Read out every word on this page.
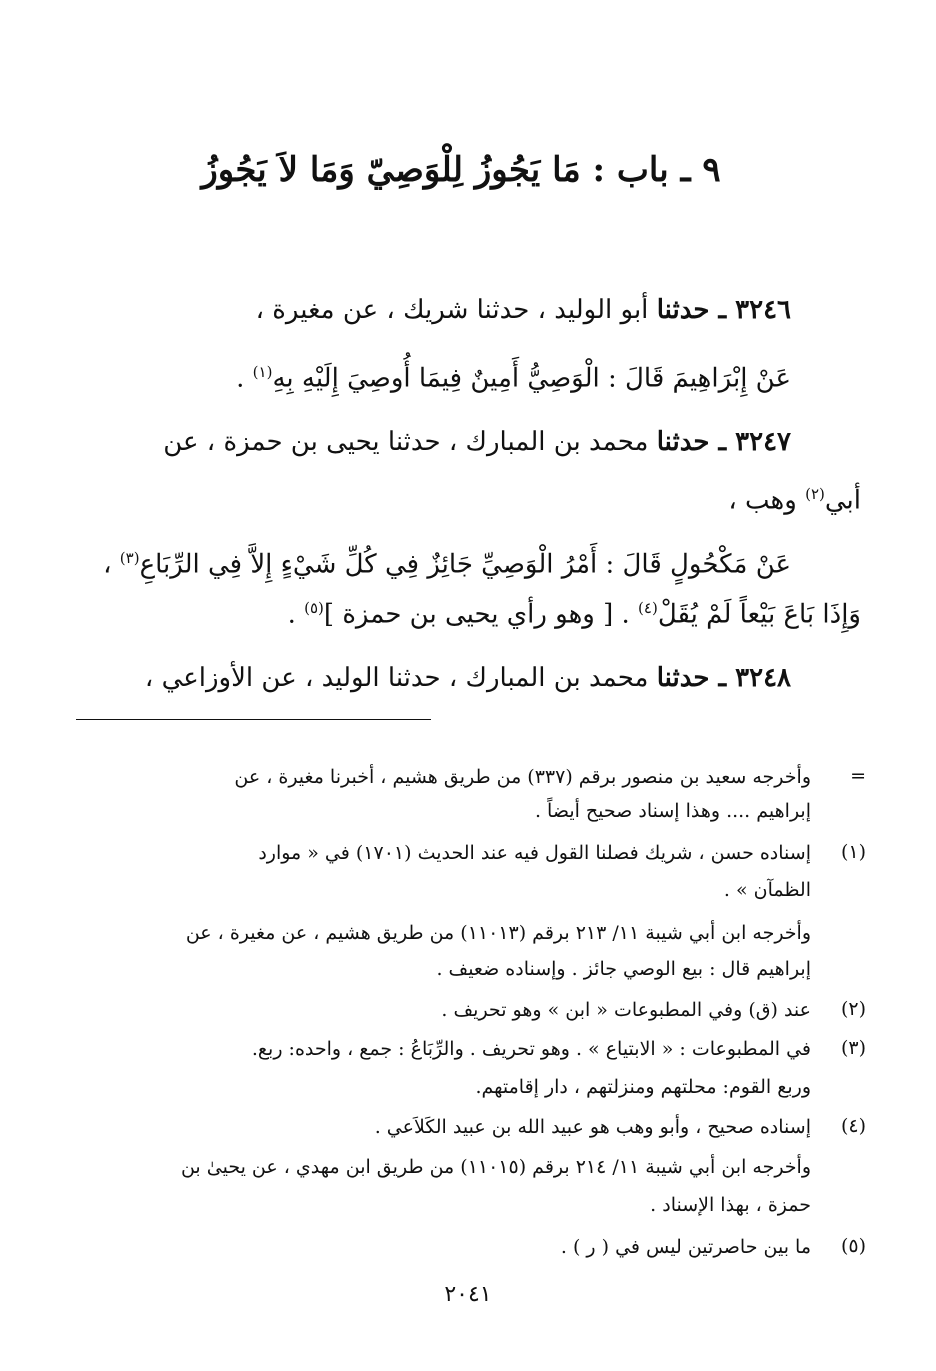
٩ ـ باب : مَا يَجُوزُ لِلْوَصِيّ وَمَا لاَ يَجُوزُ
٣٢٤٦ ـ حدثنا أبو الوليد ، حدثنا شريك ، عن مغيرة ،
عَنْ إِبْرَاهِيمَ قَالَ : الْوَصِيُّ أَمِينٌ فِيمَا أُوصِيَ إِلَيْهِ بِهِ$^{(١)}$ .
٣٢٤٧ ـ حدثنا محمد بن المبارك ، حدثنا يحيى بن حمزة ، عن
أبي$^{(٢)}$ وهب ،
عَنْ مَكْحُولٍ قَالَ : أَمْرُ الْوَصِيِّ جَائِزٌ فِي كُلِّ شَيْءٍ إِلاَّ فِي الرِّبَاعِ$^{(٣)}$ ،
وَإِذَا بَاعَ بَيْعاً لَمْ يُقَلْ$^{(٤)}$ . [ وهو رأي يحيى بن حمزة ]$^{(٥)}$ .
٣٢٤٨ ـ حدثنا محمد بن المبارك ، حدثنا الوليد ، عن الأوزاعي ،
=
وأخرجه سعيد بن منصور برقم (٣٣٧) من طريق هشيم ، أخبرنا مغيرة ، عن
إبراهيم .... وهذا إسناد صحيح أيضاً .
(١)
إسناده حسن ، شريك فصلنا القول فيه عند الحديث (١٧٠١) في « موارد
الظمآن » .
وأخرجه ابن أبي شيبة ١١/ ٢١٣ برقم (١١٠١٣) من طريق هشيم ، عن مغيرة ، عن
إبراهيم قال : بيع الوصي جائز . وإسناده ضعيف .
(٢)
عند (ق) وفي المطبوعات « ابن » وهو تحريف .
(٣)
في المطبوعات : « الابتياع » . وهو تحريف . والرِّبَاعُ : جمع ، واحده: ربع.
وربع القوم: محلتهم ومنزلتهم ، دار إقامتهم.
(٤)
إسناده صحيح ، وأبو وهب هو عبيد الله بن عبيد الكَلاَعي .
وأخرجه ابن أبي شيبة ١١/ ٢١٤ برقم (١١٠١٥) من طريق ابن مهدي ، عن يحيىٰ بن
حمزة ، بهذا الإسناد .
(٥)
ما بين حاصرتين ليس في ( ر ) .
٢٠٤١
